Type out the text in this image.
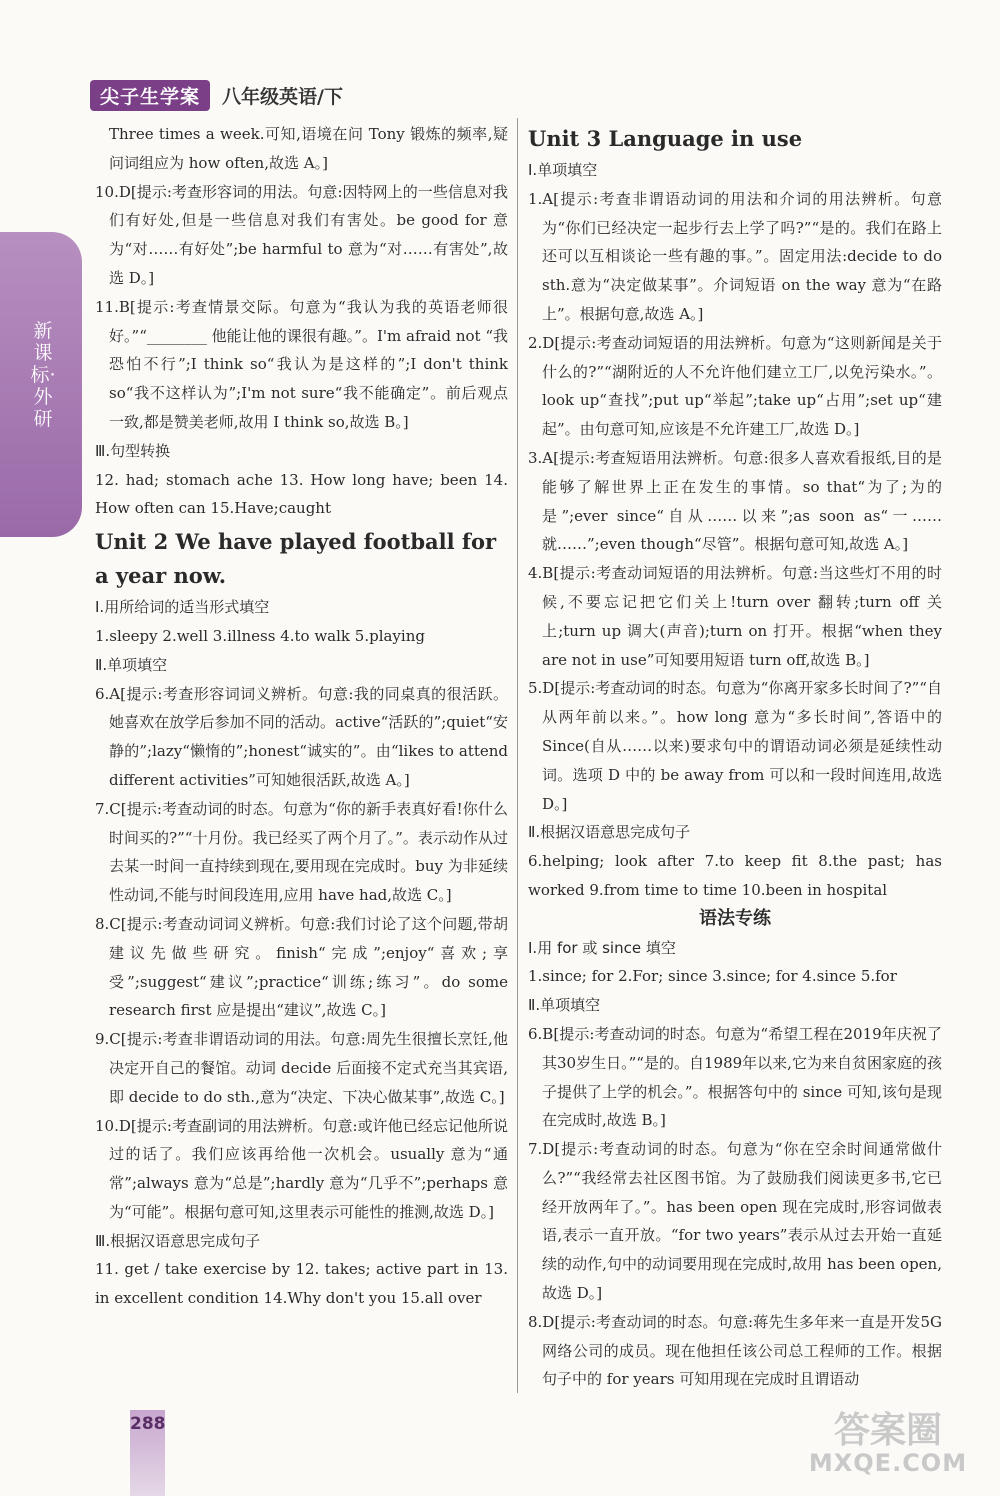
尖子生学案	八年级英语/下
新课标·外研
Three times a week.可知,语境在问 Tony 锻炼的频率,疑问词组应为 how often,故选 A。]
10.D[提示:考查形容词的用法。句意:因特网上的一些信息对我们有好处,但是一些信息对我们有害处。be good for 意为“对……有好处”;be harmful to 意为“对……有害处”,故选 D。]
11.B[提示:考查情景交际。句意为“我认为我的英语老师很好。”“________ 他能让他的课很有趣。”。I'm afraid not “我恐怕不行”;I think so“我认为是这样的”;I don't think so“我不这样认为”;I'm not sure“我不能确定”。前后观点一致,都是赞美老师,故用 I think so,故选 B。]
Ⅲ.句型转换
12. had; stomach ache 13. How long have; been 14. How often can 15.Have;caught
Unit 2 We have played football for a year now.
Ⅰ.用所给词的适当形式填空
1.sleepy 2.well 3.illness 4.to walk 5.playing
Ⅱ.单项填空
6.A[提示:考查形容词词义辨析。句意:我的同桌真的很活跃。她喜欢在放学后参加不同的活动。active“活跃的”;quiet“安静的”;lazy“懒惰的”;honest“诚实的”。由“likes to attend different activities”可知她很活跃,故选 A。]
7.C[提示:考查动词的时态。句意为“你的新手表真好看!你什么时间买的?”“十月份。我已经买了两个月了。”。表示动作从过去某一时间一直持续到现在,要用现在完成时。buy 为非延续性动词,不能与时间段连用,应用 have had,故选 C。]
8.C[提示:考查动词词义辨析。句意:我们讨论了这个问题,带胡建议先做些研究。finish“完成”;enjoy“喜欢;享受”;suggest“建议”;practice“训练;练习”。do some research first 应是提出“建议”,故选 C。]
9.C[提示:考查非谓语动词的用法。句意:周先生很擅长烹饪,他决定开自己的餐馆。动词 decide 后面接不定式充当其宾语,即 decide to do sth.,意为“决定、下决心做某事”,故选 C。]
10.D[提示:考查副词的用法辨析。句意:或许他已经忘记他所说过的话了。我们应该再给他一次机会。usually 意为“通常”;always 意为“总是”;hardly 意为“几乎不”;perhaps 意为“可能”。根据句意可知,这里表示可能性的推测,故选 D。]
Ⅲ.根据汉语意思完成句子
11. get / take exercise by 12. takes; active part in 13. in excellent condition 14.Why don't you 15.all over
Unit 3 Language in use
Ⅰ.单项填空
1.A[提示:考查非谓语动词的用法和介词的用法辨析。句意为“你们已经决定一起步行去上学了吗?”“是的。我们在路上还可以互相谈论一些有趣的事。”。固定用法:decide to do sth.意为“决定做某事”。介词短语 on the way 意为“在路上”。根据句意,故选 A。]
2.D[提示:考查动词短语的用法辨析。句意为“这则新闻是关于什么的?”“湖附近的人不允许他们建立工厂,以免污染水。”。look up“查找”;put up“举起”;take up“占用”;set up“建起”。由句意可知,应该是不允许建工厂,故选 D。]
3.A[提示:考查短语用法辨析。句意:很多人喜欢看报纸,目的是能够了解世界上正在发生的事情。so that“为了;为的是”;ever since“自从……以来”;as soon as“一……就……”;even though“尽管”。根据句意可知,故选 A。]
4.B[提示:考查动词短语的用法辨析。句意:当这些灯不用的时候,不要忘记把它们关上!turn over 翻转;turn off 关上;turn up 调大(声音);turn on 打开。根据“when they are not in use”可知要用短语 turn off,故选 B。]
5.D[提示:考查动词的时态。句意为“你离开家多长时间了?”“自从两年前以来。”。how long 意为“多长时间”,答语中的 Since(自从……以来)要求句中的谓语动词必须是延续性动词。选项 D 中的 be away from 可以和一段时间连用,故选 D。]
Ⅱ.根据汉语意思完成句子
6.helping; look after 7.to keep fit 8.the past; has worked 9.from time to time 10.been in hospital
语法专练
Ⅰ.用 for 或 since 填空
1.since; for 2.For; since 3.since; for 4.since 5.for
Ⅱ.单项填空
6.B[提示:考查动词的时态。句意为“希望工程在2019年庆祝了其30岁生日。”“是的。自1989年以来,它为来自贫困家庭的孩子提供了上学的机会。”。根据答句中的 since 可知,该句是现在完成时,故选 B。]
7.D[提示:考查动词的时态。句意为“你在空余时间通常做什么?”“我经常去社区图书馆。为了鼓励我们阅读更多书,它已经开放两年了。”。has been open 现在完成时,形容词做表语,表示一直开放。“for two years”表示从过去开始一直延续的动作,句中的动词要用现在完成时,故用 has been open,故选 D。]
8.D[提示:考查动词的时态。句意:蒋先生多年来一直是开发5G网络公司的成员。现在他担任该公司总工程师的工作。根据句子中的 for years 可知用现在完成时且谓语动
288	答案圈
MXQE.COM
